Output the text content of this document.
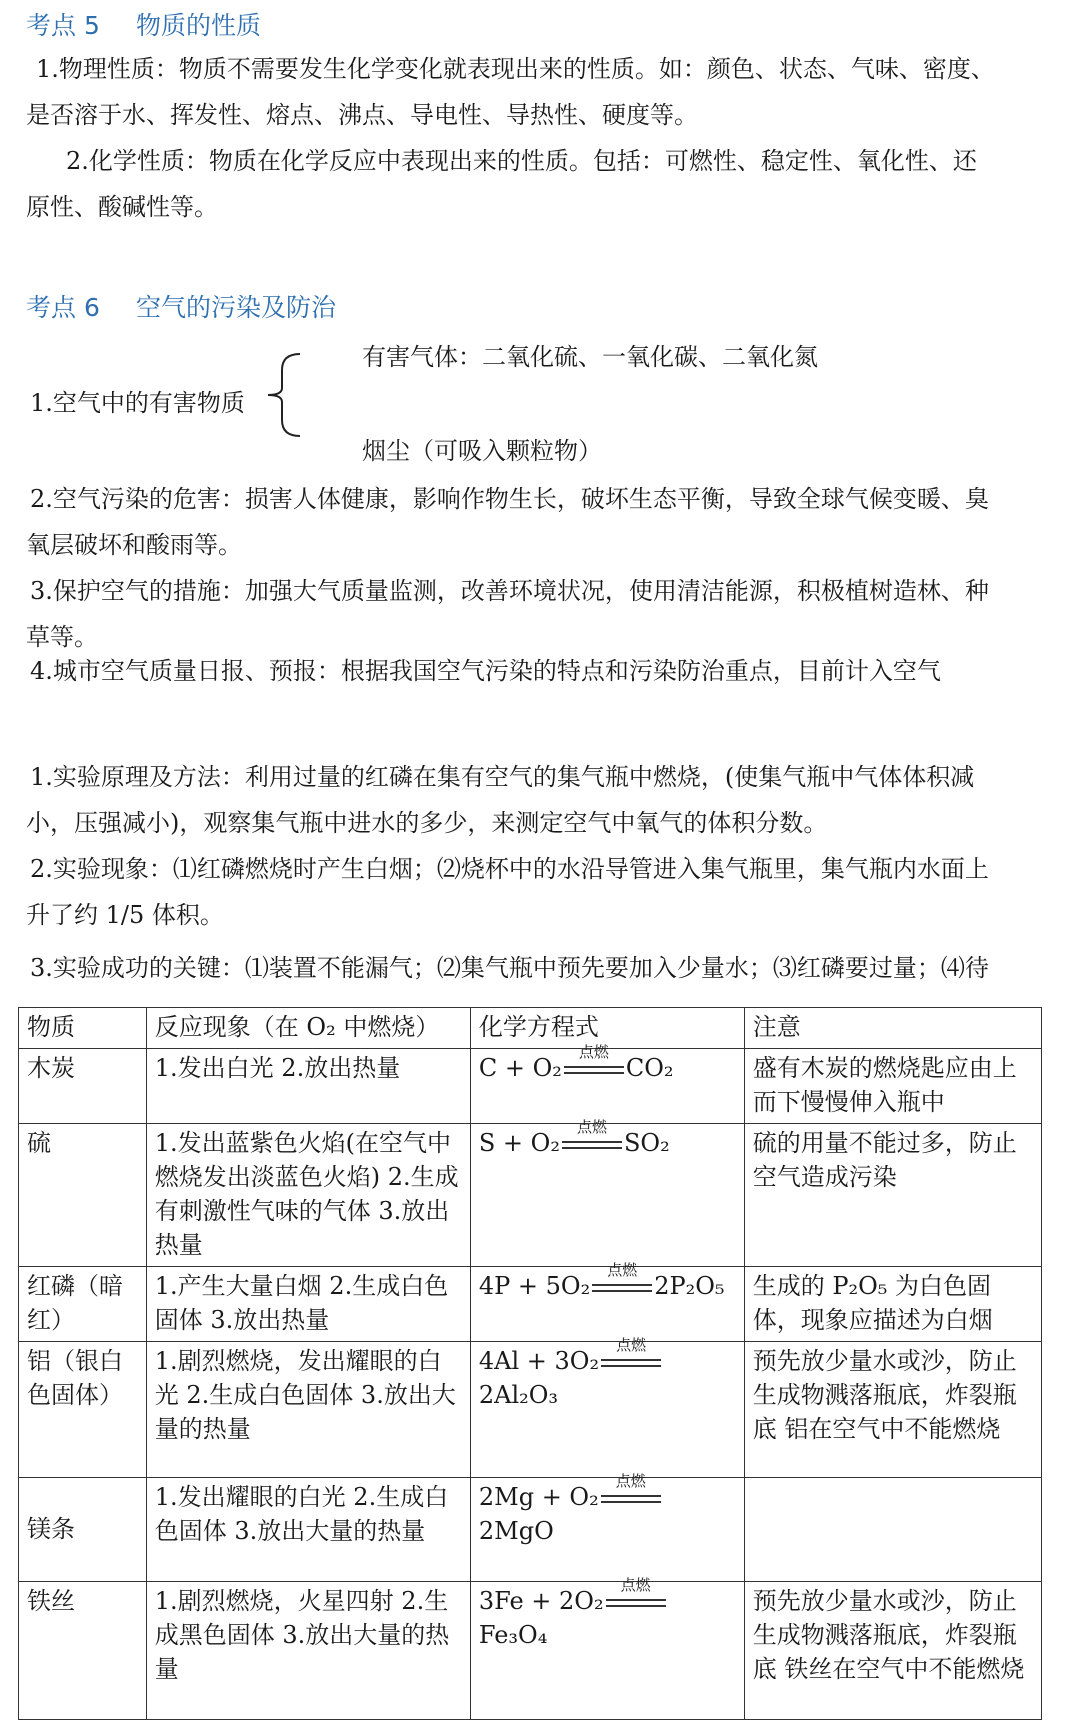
考点 5 物质的性质
1.物理性质：物质不需要发生化学变化就表现出来的性质。如：颜色、状态、气味、密度、
是否溶于水、挥发性、熔点、沸点、导电性、导热性、硬度等。
2.化学性质：物质在化学反应中表现出来的性质。包括：可燃性、稳定性、氧化性、还
原性、酸碱性等。
考点 6 空气的污染及防治
有害气体：二氧化硫、一氧化碳、二氧化氮
1.空气中的有害物质
烟尘（可吸入颗粒物）
2.空气污染的危害：损害人体健康，影响作物生长，破坏生态平衡，导致全球气候变暖、臭
氧层破坏和酸雨等。
3.保护空气的措施：加强大气质量监测，改善环境状况，使用清洁能源，积极植树造林、种
草等。
4.城市空气质量日报、预报：根据我国空气污染的特点和污染防治重点，目前计入空气
1.实验原理及方法：利用过量的红磷在集有空气的集气瓶中燃烧，(使集气瓶中气体体积减
小，压强减小)，观察集气瓶中进水的多少，来测定空气中氧气的体积分数。
2.实验现象：⑴红磷燃烧时产生白烟；⑵烧杯中的水沿导管进入集气瓶里，集气瓶内水面上
升了约 1/5 体积。
3.实验成功的关键：⑴装置不能漏气；⑵集气瓶中预先要加入少量水；⑶红磷要过量；⑷待
物质	反应现象（在 O₂ 中燃烧）	化学方程式	注意
木炭	1.发出白光 2.放出热量	C + O₂
点燃
CO₂	盛有木炭的燃烧匙应由上而下慢慢伸入瓶中
硫	1.发出蓝紫色火焰(在空气中燃烧发出淡蓝色火焰) 2.生成有刺激性气味的气体 3.放出热量	S + O₂
点燃
SO₂	硫的用量不能过多，防止空气造成污染
红磷（暗红）	1.产生大量白烟 2.生成白色固体 3.放出热量	4P + 5O₂
点燃
2P₂O₅	生成的 P₂O₅ 为白色固体，现象应描述为白烟
铝（银白色固体）	1.剧烈燃烧，发出耀眼的白光 2.生成白色固体 3.放出大量的热量	4Al + 3O₂
点燃

2Al₂O₃	预先放少量水或沙，防止生成物溅落瓶底，炸裂瓶底 铝在空气中不能燃烧
镁条	1.发出耀眼的白光 2.生成白色固体 3.放出大量的热量	2Mg + O₂
点燃

2MgO	
铁丝	1.剧烈燃烧，火星四射 2.生成黑色固体 3.放出大量的热量	3Fe + 2O₂
点燃

Fe₃O₄	预先放少量水或沙，防止生成物溅落瓶底，炸裂瓶底 铁丝在空气中不能燃烧
